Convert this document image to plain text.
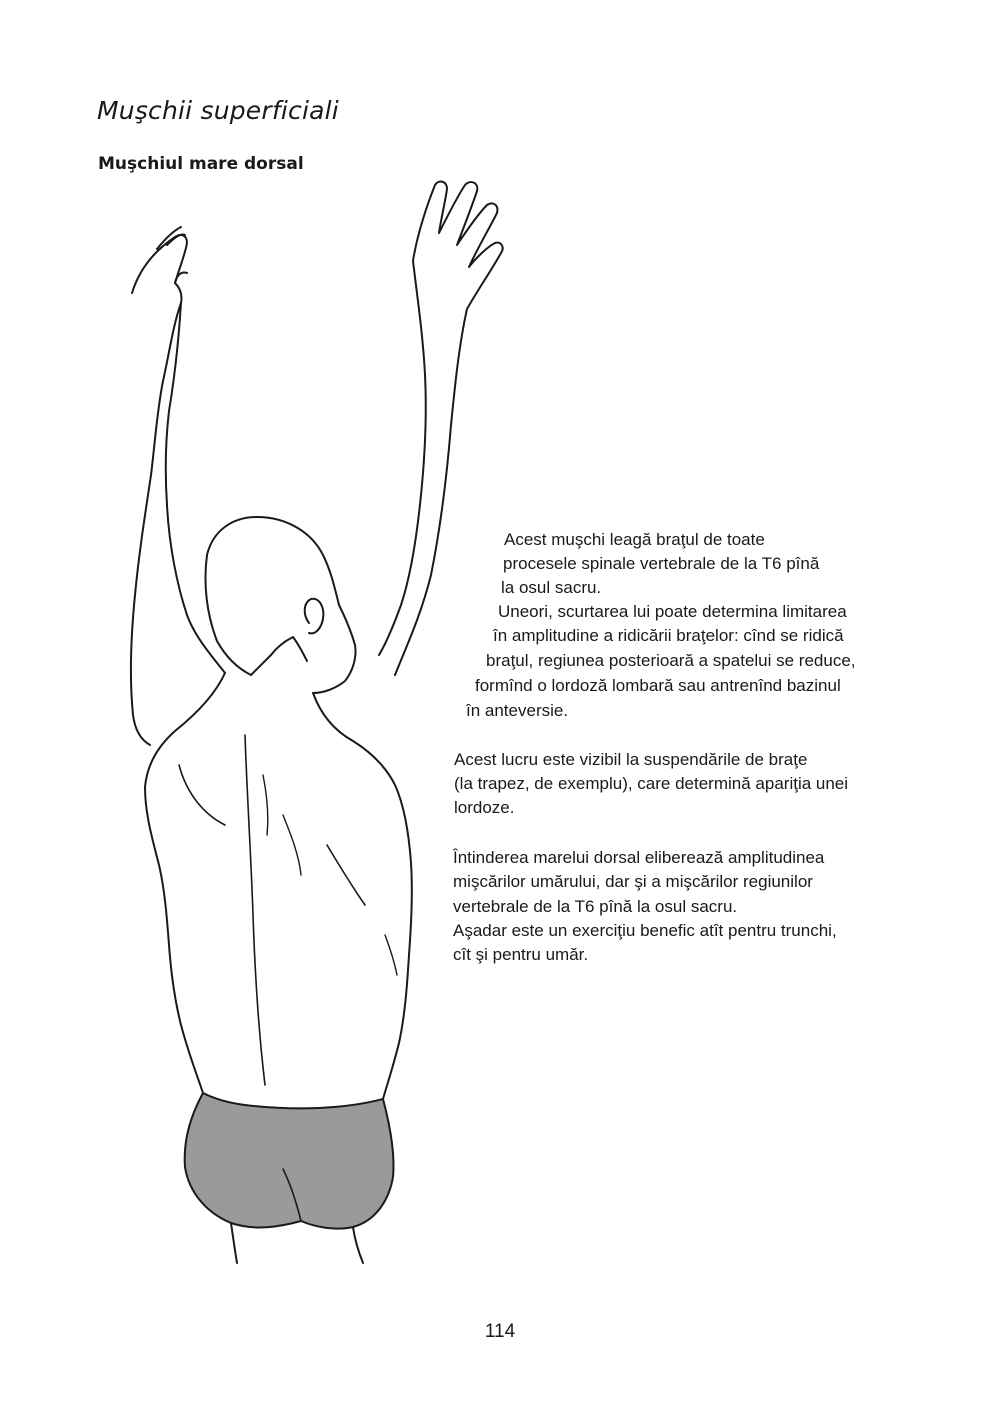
Muşchii superficiali
Muşchiul mare dorsal

Acest muşchi leagă braţul de toate

procesele spinale vertebrale de la T6 pînă

la osul sacru.

Uneori, scurtarea lui poate determina limitarea

în amplitudine a ridicării braţelor: cînd se ridică

braţul, regiunea posterioară a spatelui se reduce,

formînd o lordoză lombară sau antrenînd bazinul

în anteversie.

Acest lucru este vizibil la suspendările de braţe

(la trapez, de exemplu), care determină apariţia unei

lordoze.

Întinderea marelui dorsal eliberează amplitudinea

mişcărilor umărului, dar şi a mişcărilor regiunilor

vertebrale de la T6 pînă la osul sacru.

Aşadar este un exerciţiu benefic atît pentru trunchi,

cît şi pentru umăr.

114
